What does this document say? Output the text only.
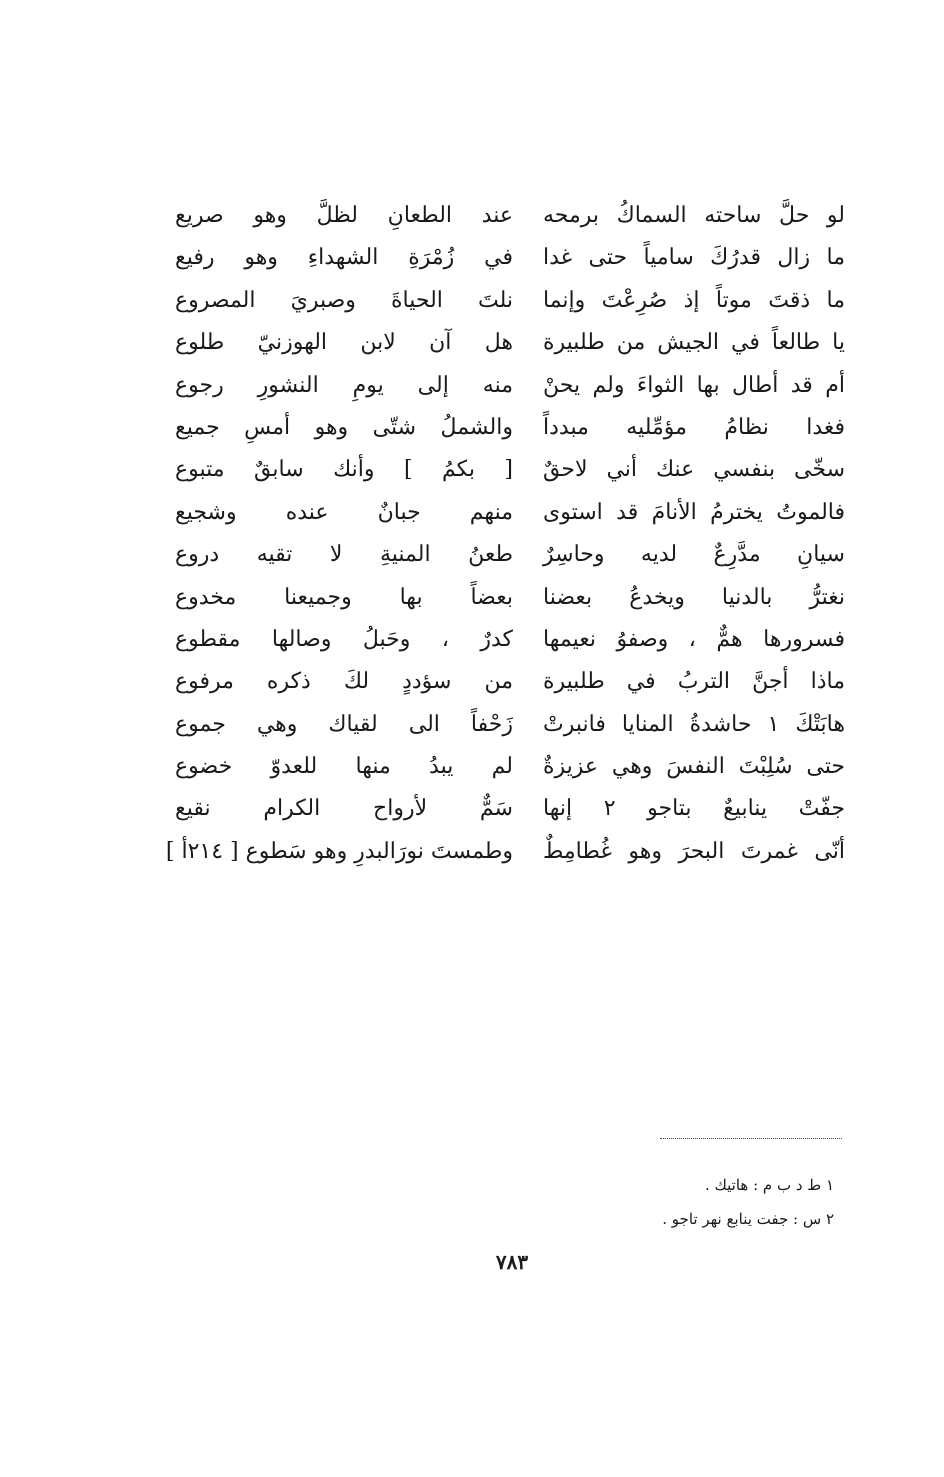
لو حلَّ ساحته السماكُ برمحه
عند الطعانِ لظلَّ وهو صريع
ما زال قدرُكَ سامياً حتى غدا
في زُمْرَةِ الشهداءِ وهو رفيع
ما ذقتَ موتاً إذ صُرِعْتَ وإنما
نلتَ الحياةَ وصبريَ المصروع
يا طالعاً في الجيش من طلبيرة
هل آن لابن الهوزنيّ طلوع
أم قد أطال بها الثواءَ ولم يحنْ
منه إلى يومِ النشورِ رجوع
فغدا نظامُ مؤمِّليه مبدداً
والشملُ شتّى وهو أمسِ جميع
سخّى بنفسي عنك أني لاحقٌ
[ بكمُ ] وأنك سابقٌ متبوع
فالموتُ يخترمُ الأنامَ قد استوى
منهم جبانٌ عنده وشجيع
سيانِ مدَّرِعٌ لديه وحاسِرٌ
طعنُ المنيةِ لا تقيه دروع
نغترُّ بالدنيا ويخدعُ بعضنا
بعضاً بها وجميعنا مخدوع
فسرورها همٌّ ، وصفوُ نعيمها
كدرٌ ، وحَبلُ وصالها مقطوع
ماذا أجنَّ التربُ في طلبيرة
من سؤددٍ لكَ ذكره مرفوع
هابَتْكَ ١ حاشدةُ المنايا فانبرتْ
زَحْفاً الى لقياك وهي جموع
حتى سُلِبْتَ النفسَ وهي عزيزةٌ
لم يبدُ منها للعدوّ خضوع
جفّتْ ينابيعٌ بتاجو ٢ إنها
سَمٌّ لأرواح الكرام نقيع
أنّى غمرتَ البحرَ وهو غُطامِطٌ
وطمستَ نورَالبدرِ وهو سَطوع [ ٢١٤أ ]
١ ط د ب م : هاتيك .
٢ س : جفت ينابع نهر تاجو .
٧٨٣
